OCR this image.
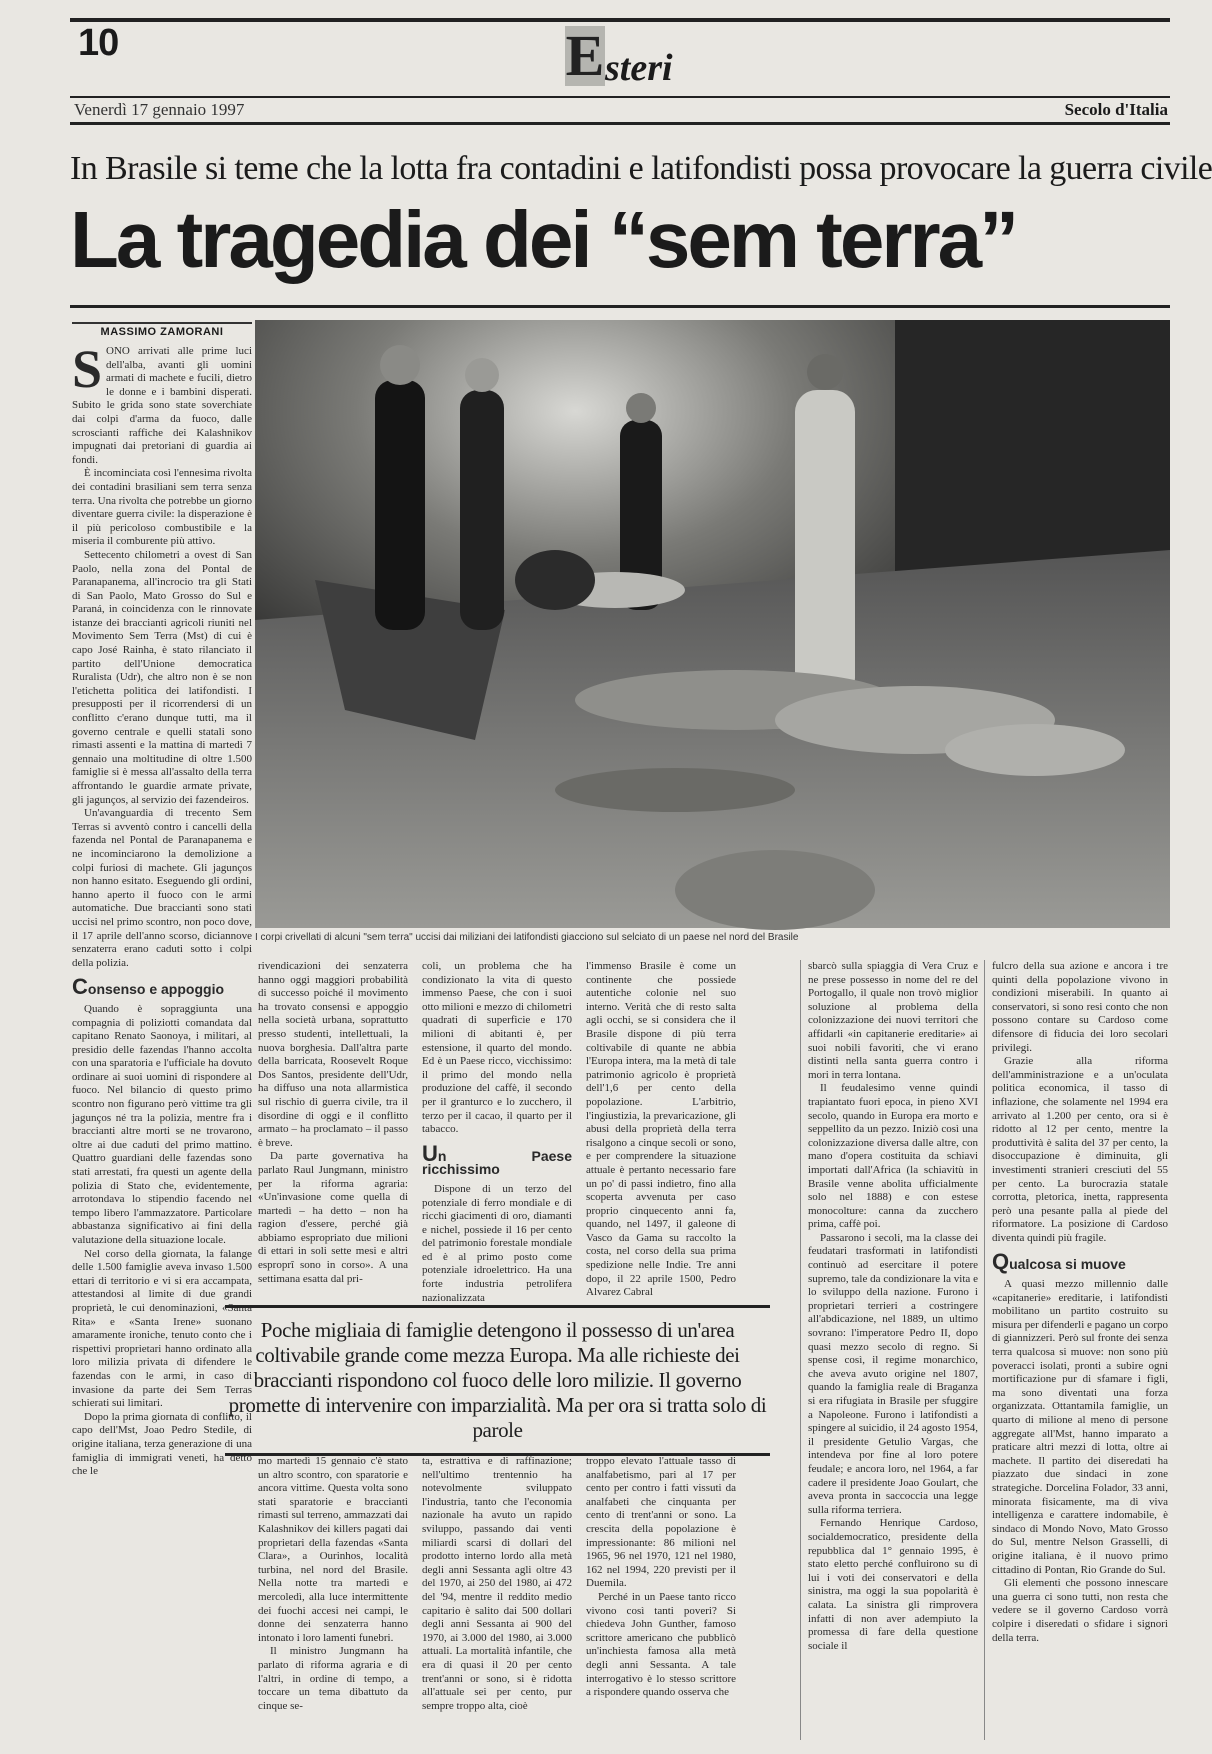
10	E steri
Venerdì 17 gennaio 1997	Secolo d'Italia
In Brasile si teme che la lotta fra contadini e latifondisti possa provocare la guerra civile
La tragedia dei “sem terra”
MASSIMO ZAMORANI

SONO arrivati alle prime luci dell'alba, avanti gli uomini armati di machete e fucili, dietro le donne e i bambini disperati. Subito le grida sono state soverchiate dai colpi d'arma da fuoco, dalle scroscianti raffiche dei Kalashnikov impugnati dai pretoriani di guardia ai fondi.

È incominciata così l'ennesima rivolta dei contadini brasiliani sem terra senza terra. Una rivolta che potrebbe un giorno diventare guerra civile: la disperazione è il più pericoloso combustibile e la miseria il comburente più attivo.

Settecento chilometri a ovest di San Paolo, nella zona del Pontal de Paranapanema, all'incrocio tra gli Stati di San Paolo, Mato Grosso do Sul e Paraná, in coincidenza con le rinnovate istanze dei braccianti agricoli riuniti nel Movimento Sem Terra (Mst) di cui è capo José Rainha, è stato rilanciato il partito dell'Unione democratica Ruralista (Udr), che altro non è se non l'etichetta politica dei latifondisti. I presupposti per il ricorrendersi di un conflitto c'erano dunque tutti, ma il governo centrale e quelli statali sono rimasti assenti e la mattina di martedì 7 gennaio una moltitudine di oltre 1.500 famiglie si è messa all'assalto della terra affrontando le guardie armate private, gli jagunços, al servizio dei fazendeiros.

Un'avanguardia di trecento Sem Terras si avventò contro i cancelli della fazenda nel Pontal de Paranapanema e ne incominciarono la demolizione a colpi furiosi di machete. Gli jagunços non hanno esitato. Eseguendo gli ordini, hanno aperto il fuoco con le armi automatiche. Due braccianti sono stati uccisi nel primo scontro, non poco dove, il 17 aprile dell'anno scorso, diciannove senzaterra erano caduti sotto i colpi della polizia.

Consenso e appoggio

Quando è sopraggiunta una compagnia di poliziotti comandata dal capitano Renato Saonoya, i militari, al presidio delle fazendas l'hanno accolta con una sparatoria e l'ufficiale ha dovuto ordinare ai suoi uomini di rispondere al fuoco. Nel bilancio di questo primo scontro non figurano però vittime tra gli jagunços né tra la polizia, mentre fra i braccianti altre morti se ne trovarono, oltre ai due caduti del primo mattino. Quattro guardiani delle fazendas sono stati arrestati, fra questi un agente della polizia di Stato che, evidentemente, arrotondava lo stipendio facendo nel tempo libero l'ammazzatore. Particolare abbastanza significativo ai fini della valutazione della situazione locale.

Nel corso della giornata, la falange delle 1.500 famiglie aveva invaso 1.500 ettari di territorio e vi si era accampata, attestandosi al limite di due grandi proprietà, le cui denominazioni, «Santa Rita» e «Santa Irene» suonano amaramente ironiche, tenuto conto che i rispettivi proprietari hanno ordinato alla loro milizia privata di difendere le fazendas con le armi, in caso di invasione da parte dei Sem Terras schierati sui limitari.

Dopo la prima giornata di conflitto, il capo dell'Mst, Joao Pedro Stedile, di origine italiana, terza generazione di una famiglia di immigrati veneti, ha detto che le

I corpi crivellati di alcuni "sem terra" uccisi dai miliziani dei latifondisti giacciono sul selciato di un paese nel nord del Brasile

rivendicazioni dei senzaterra hanno oggi maggiori probabilità di successo poiché il movimento ha trovato consensi e appoggio nella società urbana, soprattutto presso studenti, intellettuali, la nuova borghesia. Dall'altra parte della barricata, Roosevelt Roque Dos Santos, presidente dell'Udr, ha diffuso una nota allarmistica sul rischio di guerra civile, tra il disordine di oggi e il conflitto armato – ha proclamato – il passo è breve.

Da parte governativa ha parlato Raul Jungmann, ministro per la riforma agraria: «Un'invasione come quella di martedì – ha detto – non ha ragion d'essere, perché già abbiamo espropriato due milioni di ettari in soli sette mesi e altri esproprî sono in corso». A una settimana esatta dal pri-

coli, un problema che ha condizionato la vita di questo immenso Paese, che con i suoi otto milioni e mezzo di chilometri quadrati di superficie e 170 milioni di abitanti è, per estensione, il quarto del mondo. Ed è un Paese ricco, vicchissimo: il primo del mondo nella produzione del caffè, il secondo per il granturco e lo zucchero, il terzo per il cacao, il quarto per il tabacco.

Un Paese ricchissimo

Dispone di un terzo del potenziale di ferro mondiale e di ricchi giacimenti di oro, diamanti e nichel, possiede il 16 per cento del patrimonio forestale mondiale ed è al primo posto come potenziale idroelettrico. Ha una forte industria petrolifera nazionalizzata

l'immenso Brasile è come un continente che possiede autentiche colonie nel suo interno. Verità che di resto salta agli occhi, se si considera che il Brasile dispone di più terra coltivabile di quante ne abbia l'Europa intera, ma la metà di tale patrimonio agricolo è proprietà dell'1,6 per cento della popolazione. L'arbitrio, l'ingiustizia, la prevaricazione, gli abusi della proprietà della terra risalgono a cinque secoli or sono, e per comprendere la situazione attuale è pertanto necessario fare un po' di passi indietro, fino alla scoperta avvenuta per caso proprio cinquecento anni fa, quando, nel 1497, il galeone di Vasco da Gama su raccolto la costa, nel corso della sua prima spedizione nelle Indie. Tre anni dopo, il 22 aprile 1500, Pedro Alvarez Cabral

sbarcò sulla spiaggia di Vera Cruz e ne prese possesso in nome del re del Portogallo, il quale non trovò miglior soluzione al problema della colonizzazione dei nuovi territori che affidarli «in capitanerie ereditarie» ai suoi nobili favoriti, che vi erano distinti nella santa guerra contro i mori in terra lontana.

Il feudalesimo venne quindi trapiantato fuori epoca, in pieno XVI secolo, quando in Europa era morto e seppellito da un pezzo. Iniziò così una colonizzazione diversa dalle altre, con mano d'opera costituita da schiavi importati dall'Africa (la schiavitù in Brasile venne abolita ufficialmente solo nel 1888) e con estese monocolture: canna da zucchero prima, caffè poi.

Passarono i secoli, ma la classe dei feudatari trasformati in latifondisti continuò ad esercitare il potere supremo, tale da condizionare la vita e lo sviluppo della nazione. Furono i proprietari terrieri a costringere all'abdicazione, nel 1889, un ultimo sovrano: l'imperatore Pedro II, dopo quasi mezzo secolo di regno. Si spense così, il regime monarchico, che aveva avuto origine nel 1807, quando la famiglia reale di Braganza si era rifugiata in Brasile per sfuggire a Napoleone. Furono i latifondisti a spingere al suicidio, il 24 agosto 1954, il presidente Getulio Vargas, che intendeva por fine al loro potere feudale; e ancora loro, nel 1964, a far cadere il presidente Joao Goulart, che aveva pronta in saccoccia una legge sulla riforma terriera.

Fernando Henrique Cardoso, socialdemocratico, presidente della repubblica dal 1° gennaio 1995, è stato eletto perché confluirono su di lui i voti dei conservatori e della sinistra, ma oggi la sua popolarità è calata. La sinistra gli rimprovera infatti di non aver adempiuto la promessa di fare della questione sociale il

fulcro della sua azione e ancora i tre quinti della popolazione vivono in condizioni miserabili. In quanto ai conservatori, si sono resi conto che non possono contare su Cardoso come difensore di fiducia dei loro secolari privilegi.

Grazie alla riforma dell'amministrazione e a un'oculata politica economica, il tasso di inflazione, che solamente nel 1994 era arrivato al 1.200 per cento, ora si è ridotto al 12 per cento, mentre la produttività è salita del 37 per cento, la disoccupazione è diminuita, gli investimenti stranieri cresciuti del 55 per cento. La burocrazia statale corrotta, pletorica, inetta, rappresenta però una pesante palla al piede del riformatore. La posizione di Cardoso diventa quindi più fragile.

Qualcosa si muove

A quasi mezzo millennio dalle «capitanerie» ereditarie, i latifondisti mobilitano un partito costruito su misura per difenderli e pagano un corpo di giannizzeri. Però sul fronte dei senza terra qualcosa si muove: non sono più poveracci isolati, pronti a subire ogni mortificazione pur di sfamare i figli, ma sono diventati una forza organizzata. Ottantamila famiglie, un quarto di milione al meno di persone aggregate all'Mst, hanno imparato a praticare altri mezzi di lotta, oltre ai machete. Il partito dei diseredati ha piazzato due sindaci in zone strategiche. Dorcelina Folador, 33 anni, minorata fisicamente, ma di viva intelligenza e carattere indomabile, è sindaco di Mondo Novo, Mato Grosso do Sul, mentre Nelson Grasselli, di origine italiana, è il nuovo primo cittadino di Pontan, Rio Grande do Sul.

Gli elementi che possono innescare una guerra ci sono tutti, non resta che vedere se il governo Cardoso vorrà colpire i diseredati o sfidare i signori della terra.

Poche migliaia di famiglie detengono il possesso di un'area coltivabile grande come mezza Europa. Ma alle richieste dei braccianti rispondono col fuoco delle loro milizie. Il governo promette di intervenire con imparzialità. Ma per ora si tratta solo di parole

mo martedì 15 gennaio c'è stato un altro scontro, con sparatorie e ancora vittime. Questa volta sono stati sparatorie e braccianti rimasti sul terreno, ammazzati dai Kalashnikov dei killers pagati dai proprietari della fazendas «Santa Clara», a Ourinhos, località turbina, nel nord del Brasile. Nella notte tra martedì e mercoledì, alla luce intermittente dei fuochi accesi nei campi, le donne dei senzaterra hanno intonato i loro lamenti funebri.

Il ministro Jungmann ha parlato di riforma agraria e di l'altri, in ordine di tempo, a toccare un tema dibattuto da cinque se-

ta, estrattiva e di raffinazione; nell'ultimo trentennio ha notevolmente sviluppato l'industria, tanto che l'economia nazionale ha avuto un rapido sviluppo, passando dai venti miliardi scarsi di dollari del prodotto interno lordo alla metà degli anni Sessanta agli oltre 43 del 1970, ai 250 del 1980, ai 472 del '94, mentre il reddito medio capitario è salito dai 500 dollari degli anni Sessanta ai 900 del 1970, ai 3.000 del 1980, ai 3.000 attuali. La mortalità infantile, che era di quasi il 20 per cento trent'anni or sono, si è ridotta all'attuale sei per cento, pur sempre troppo alta, cioè

troppo elevato l'attuale tasso di analfabetismo, pari al 17 per cento per contro i fatti vissuti da analfabeti che cinquanta per cento di trent'anni or sono. La crescita della popolazione è impressionante: 86 milioni nel 1965, 96 nel 1970, 121 nel 1980, 162 nel 1994, 220 previsti per il Duemila.

Perché in un Paese tanto ricco vivono così tanti poveri? Si chiedeva John Gunther, famoso scrittore americano che pubblicò un'inchiesta famosa alla metà degli anni Sessanta. A tale interrogativo è lo stesso scrittore a rispondere quando osserva che
